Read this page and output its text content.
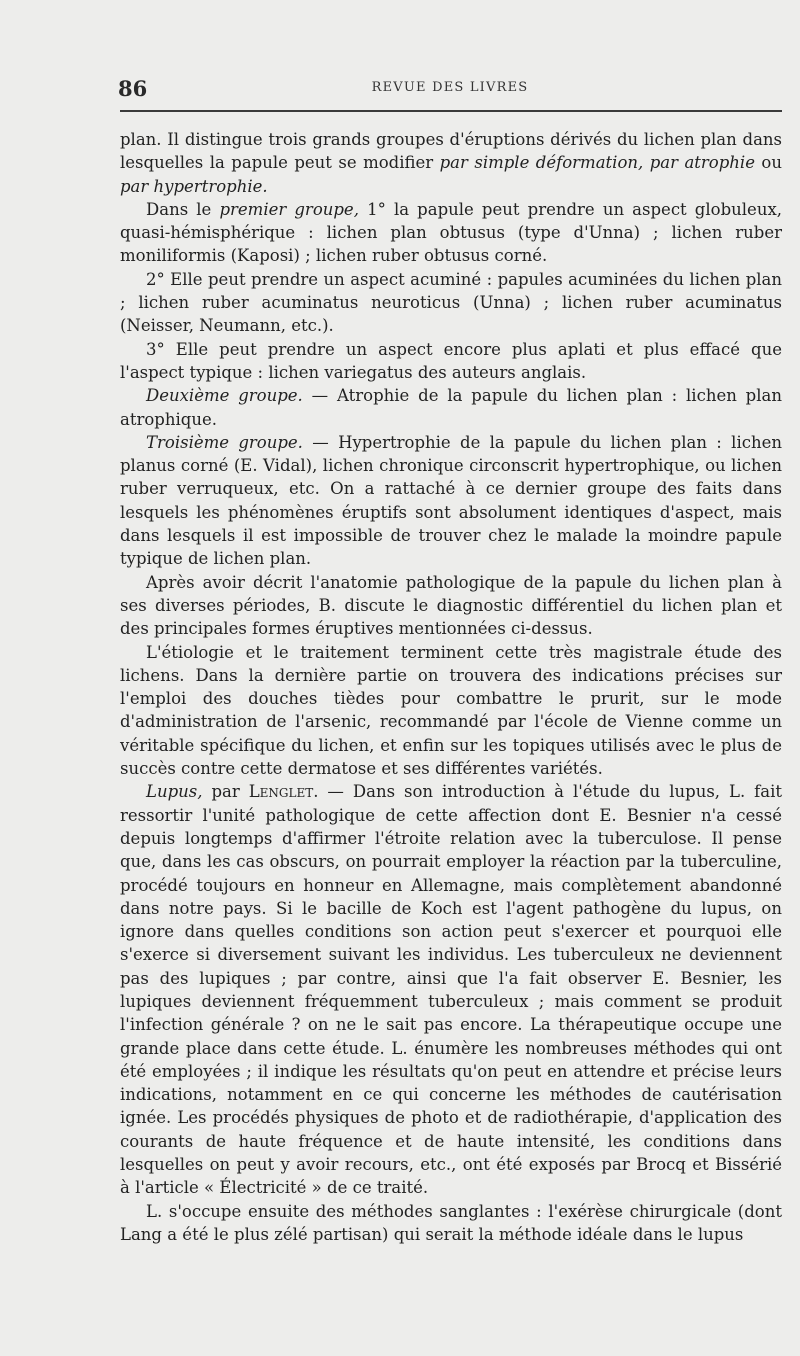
86	REVUE DES LIVRES

plan. Il distingue trois grands groupes d'éruptions dérivés du lichen plan dans lesquelles la papule peut se modifier par simple déformation, par atrophie ou par hypertrophie.

Dans le premier groupe, 1° la papule peut prendre un aspect globuleux, quasi-hémisphérique : lichen plan obtusus (type d'Unna) ; lichen ruber moniliformis (Kaposi) ; lichen ruber obtusus corné.

2° Elle peut prendre un aspect acuminé : papules acuminées du lichen plan ; lichen ruber acuminatus neuroticus (Unna) ; lichen ruber acuminatus (Neisser, Neumann, etc.).

3° Elle peut prendre un aspect encore plus aplati et plus effacé que l'aspect typique : lichen variegatus des auteurs anglais.

Deuxième groupe. — Atrophie de la papule du lichen plan : lichen plan atrophique.

Troisième groupe. — Hypertrophie de la papule du lichen plan : lichen planus corné (E. Vidal), lichen chronique circonscrit hypertrophique, ou lichen ruber verruqueux, etc. On a rattaché à ce dernier groupe des faits dans lesquels les phénomènes éruptifs sont absolument identiques d'aspect, mais dans lesquels il est impossible de trouver chez le malade la moindre papule typique de lichen plan.

Après avoir décrit l'anatomie pathologique de la papule du lichen plan à ses diverses périodes, B. discute le diagnostic différentiel du lichen plan et des principales formes éruptives mentionnées ci-dessus.

L'étiologie et le traitement terminent cette très magistrale étude des lichens. Dans la dernière partie on trouvera des indications précises sur l'emploi des douches tièdes pour combattre le prurit, sur le mode d'administration de l'arsenic, recommandé par l'école de Vienne comme un véritable spécifique du lichen, et enfin sur les topiques utilisés avec le plus de succès contre cette dermatose et ses différentes variétés.

Lupus, par Lenglet. — Dans son introduction à l'étude du lupus, L. fait ressortir l'unité pathologique de cette affection dont E. Besnier n'a cessé depuis longtemps d'affirmer l'étroite relation avec la tuberculose. Il pense que, dans les cas obscurs, on pourrait employer la réaction par la tuberculine, procédé toujours en honneur en Allemagne, mais complètement abandonné dans notre pays. Si le bacille de Koch est l'agent pathogène du lupus, on ignore dans quelles conditions son action peut s'exercer et pourquoi elle s'exerce si diversement suivant les individus. Les tuberculeux ne deviennent pas des lupiques ; par contre, ainsi que l'a fait observer E. Besnier, les lupiques deviennent fréquemment tuberculeux ; mais comment se produit l'infection générale ? on ne le sait pas encore. La thérapeutique occupe une grande place dans cette étude. L. énumère les nombreuses méthodes qui ont été employées ; il indique les résultats qu'on peut en attendre et précise leurs indications, notamment en ce qui concerne les méthodes de cautérisation ignée. Les procédés physiques de photo et de radiothérapie, d'application des courants de haute fréquence et de haute intensité, les conditions dans lesquelles on peut y avoir recours, etc., ont été exposés par Brocq et Bissérié à l'article « Électricité » de ce traité.

L. s'occupe ensuite des méthodes sanglantes : l'exérèse chirurgicale (dont Lang a été le plus zélé partisan) qui serait la méthode idéale dans le lupus
